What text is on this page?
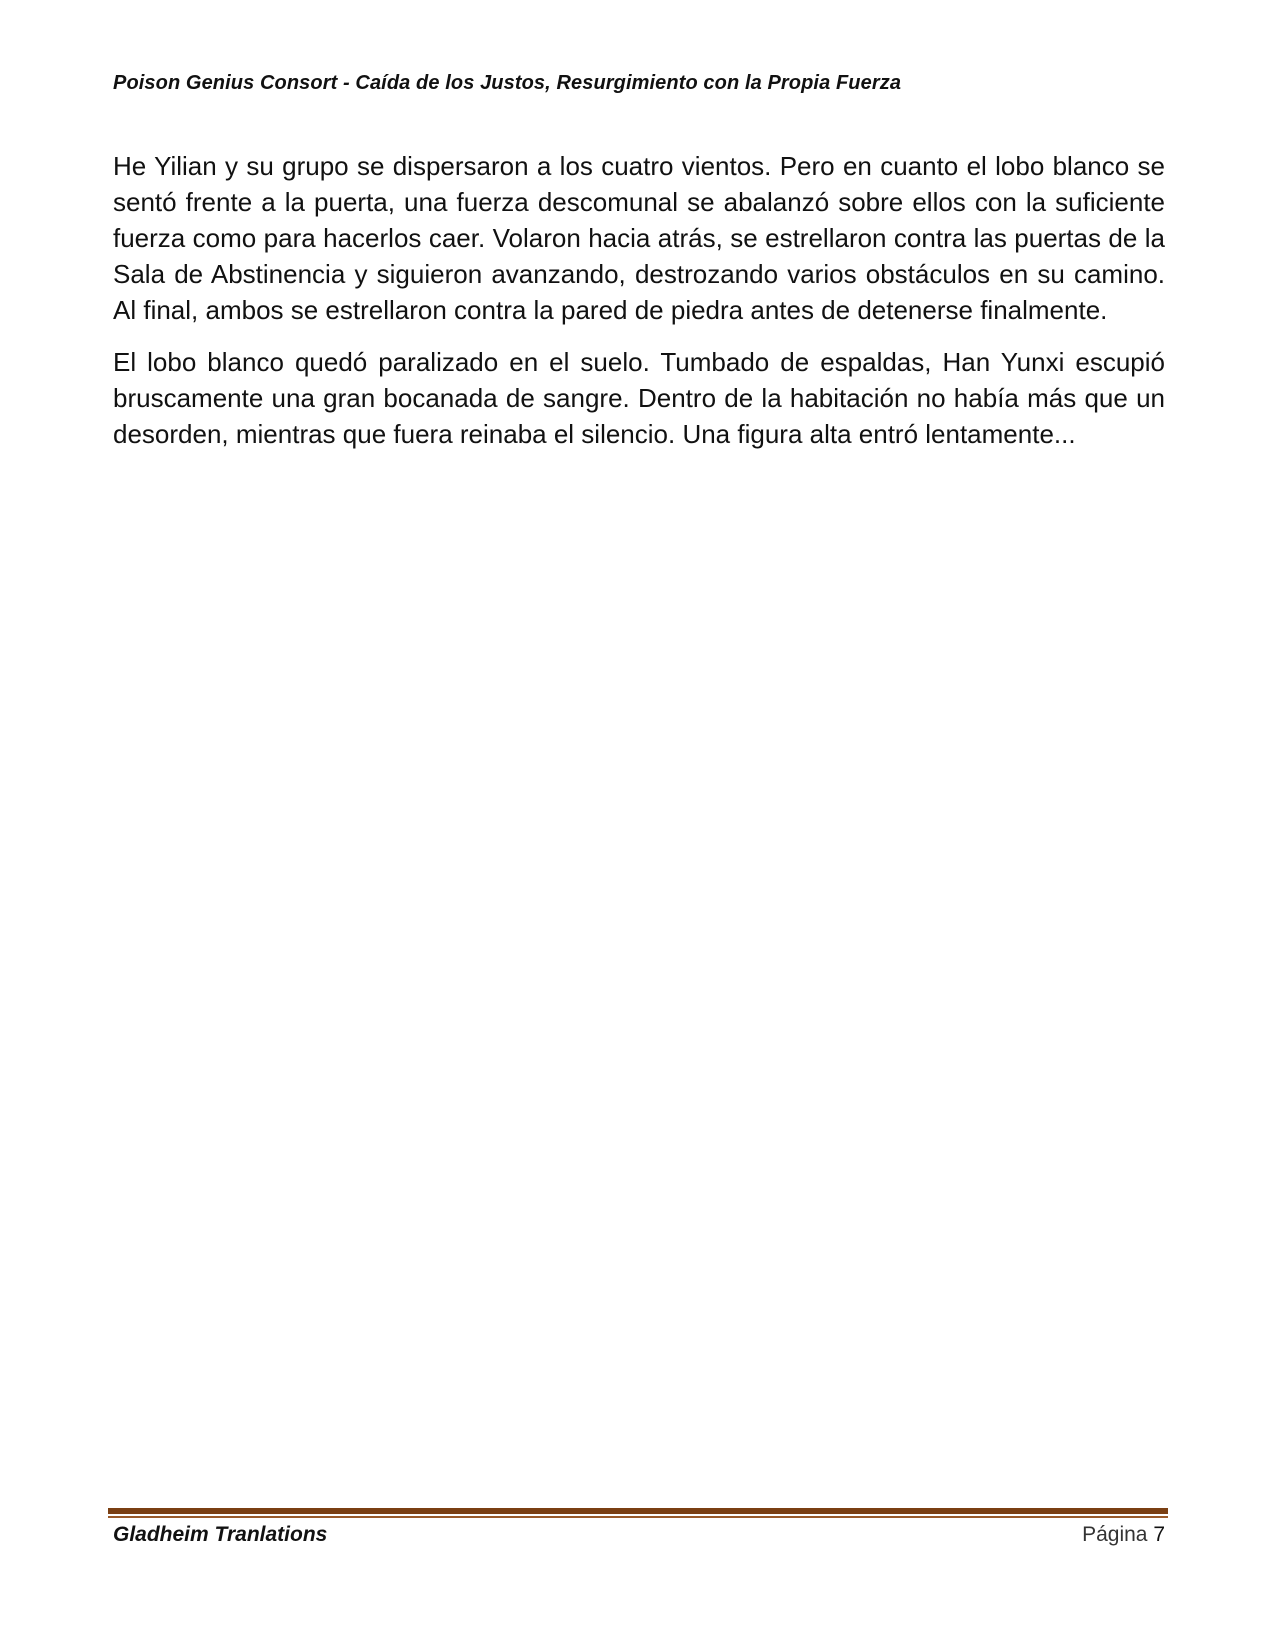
Poison Genius Consort - Caída de los Justos, Resurgimiento con la Propia Fuerza

He Yilian y su grupo se dispersaron a los cuatro vientos. Pero en cuanto el lobo blanco se sentó frente a la puerta, una fuerza descomunal se abalanzó sobre ellos con la suficiente fuerza como para hacerlos caer. Volaron hacia atrás, se estrellaron contra las puertas de la Sala de Abstinencia y siguieron avanzando, destrozando varios obstáculos en su camino. Al final, ambos se estrellaron contra la pared de piedra antes de detenerse finalmente.

El lobo blanco quedó paralizado en el suelo. Tumbado de espaldas, Han Yunxi escupió bruscamente una gran bocanada de sangre. Dentro de la habitación no había más que un desorden, mientras que fuera reinaba el silencio. Una figura alta entró lentamente...

Gladheim Tranlations	Página 7
